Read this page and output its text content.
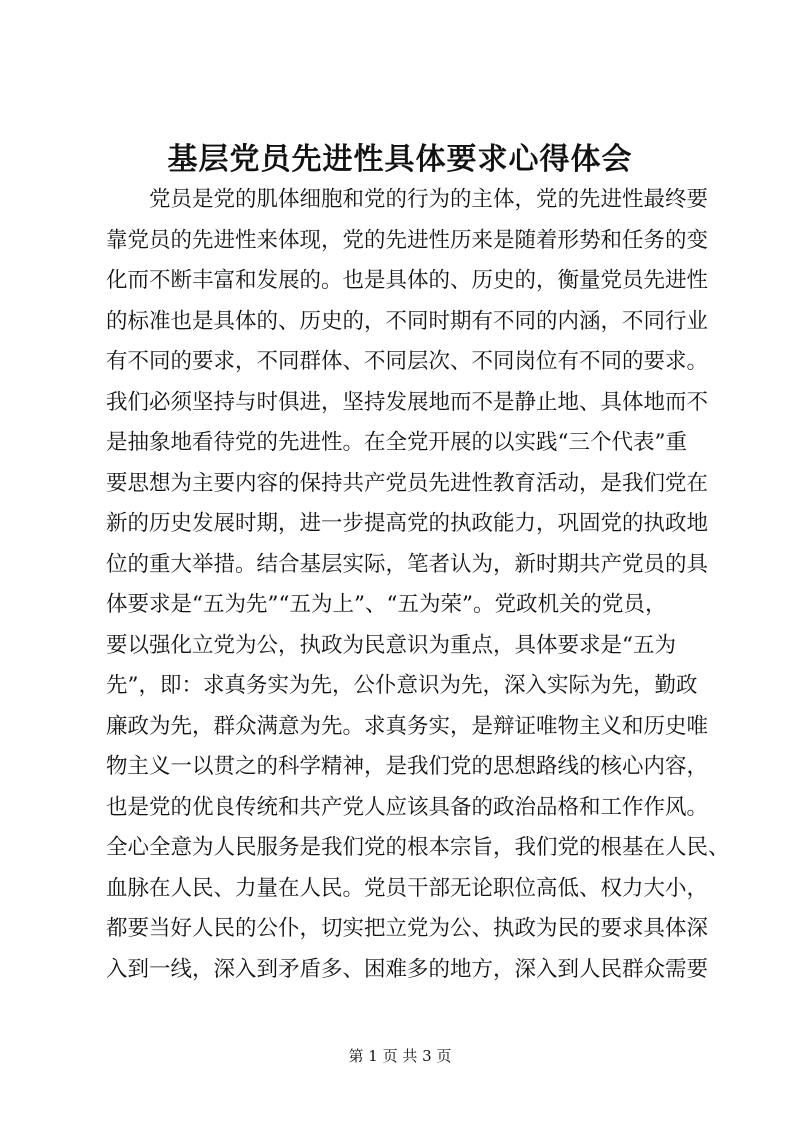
基层党员先进性具体要求心得体会
　　党员是党的肌体细胞和党的行为的主体，党的先进性最终要
靠党员的先进性来体现，党的先进性历来是随着形势和任务的变
化而不断丰富和发展的。也是具体的、历史的，衡量党员先进性
的标准也是具体的、历史的，不同时期有不同的内涵，不同行业
有不同的要求，不同群体、不同层次、不同岗位有不同的要求。
我们必须坚持与时俱进，坚持发展地而不是静止地、具体地而不
是抽象地看待党的先进性。在全党开展的以实践“三个代表”重
要思想为主要内容的保持共产党员先进性教育活动，是我们党在
新的历史发展时期，进一步提高党的执政能力，巩固党的执政地
位的重大举措。结合基层实际，笔者认为，新时期共产党员的具
体要求是“五为先”“五为上”、“五为荣”。党政机关的党员，
要以强化立党为公，执政为民意识为重点，具体要求是“五为
先”，即：求真务实为先，公仆意识为先，深入实际为先，勤政
廉政为先，群众满意为先。求真务实，是辩证唯物主义和历史唯
物主义一以贯之的科学精神，是我们党的思想路线的核心内容，
也是党的优良传统和共产党人应该具备的政治品格和工作作风。
全心全意为人民服务是我们党的根本宗旨，我们党的根基在人民、
血脉在人民、力量在人民。党员干部无论职位高低、权力大小，
都要当好人民的公仆，切实把立党为公、执政为民的要求具体深
入到一线，深入到矛盾多、困难多的地方，深入到人民群众需要
第 1 页 共 3 页
